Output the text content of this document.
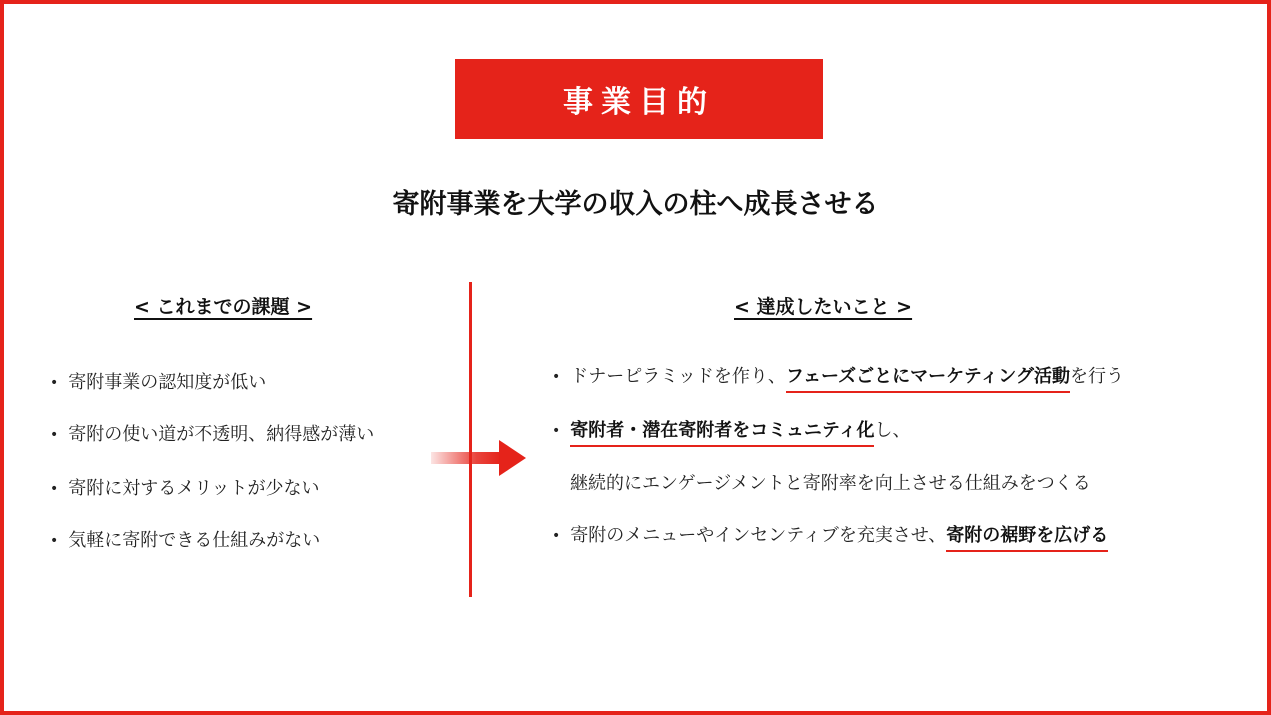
事業目的
寄附事業を大学の収入の柱へ成長させる
< これまでの課題 >
• 寄附事業の認知度が低い
• 寄附の使い道が不透明、納得感が薄い
• 寄附に対するメリットが少ない
• 気軽に寄附できる仕組みがない
< 達成したいこと >
• ドナーピラミッドを作り、フェーズごとにマーケティング活動を行う
• 寄附者・潜在寄附者をコミュニティ化し、
継続的にエンゲージメントと寄附率を向上させる仕組みをつくる
• 寄附のメニューやインセンティブを充実させ、寄附の裾野を広げる
